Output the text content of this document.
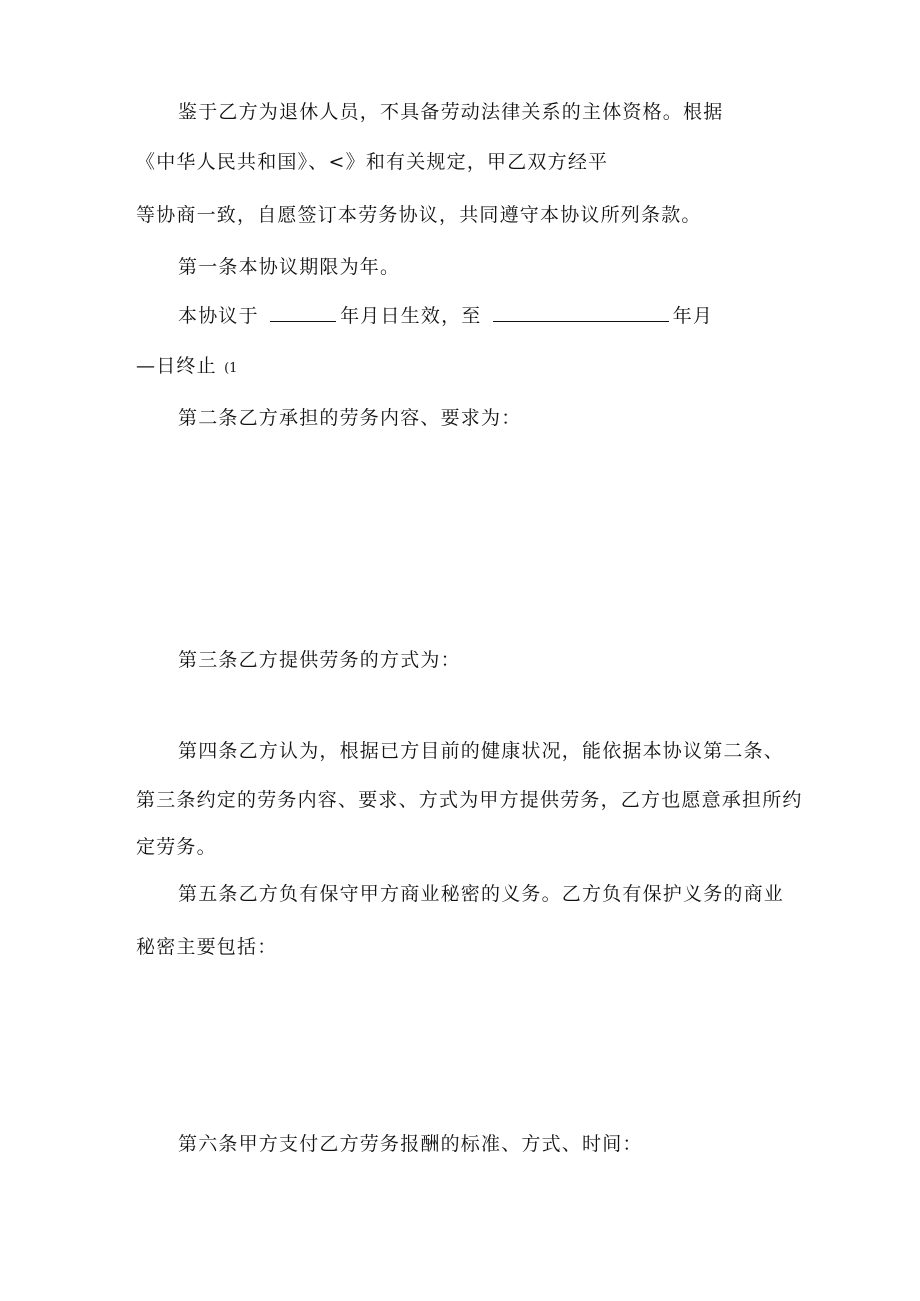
鉴于乙方为退休人员，不具备劳动法律关系的主体资格。根据
《中华人民共和国》、<》和有关规定，甲乙双方经平
等协商一致，自愿签订本劳务协议，共同遵守本协议所列条款。
第一条本协议期限为年。
本协议于	年月日生效，至	年月
—日终止 (1
第二条乙方承担的劳务内容、要求为：
第三条乙方提供劳务的方式为：
第四条乙方认为，根据已方目前的健康状况，能依据本协议第二条、
第三条约定的劳务内容、要求、方式为甲方提供劳务，乙方也愿意承担所约
定劳务。
第五条乙方负有保守甲方商业秘密的义务。乙方负有保护义务的商业
秘密主要包括：
第六条甲方支付乙方劳务报酬的标准、方式、时间：
